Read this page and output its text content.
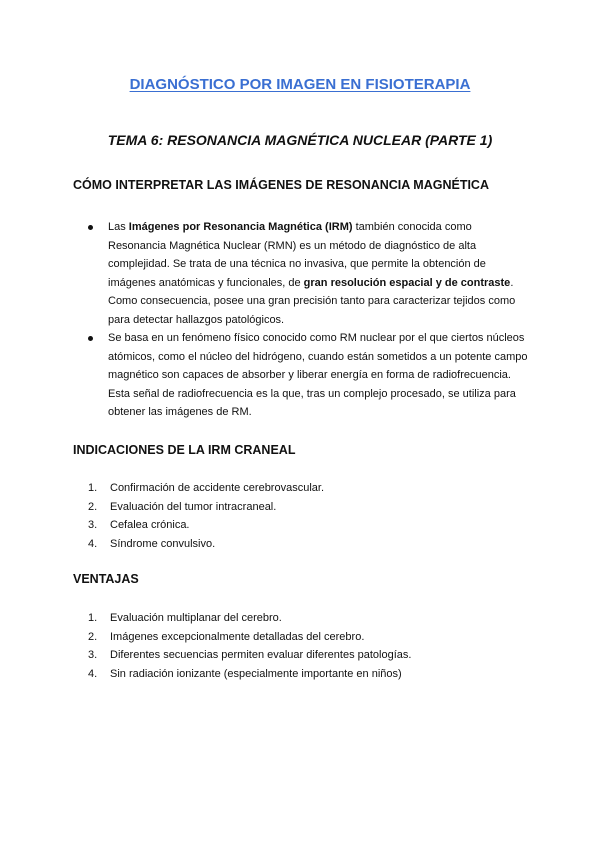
DIAGNÓSTICO POR IMAGEN EN FISIOTERAPIA
TEMA 6: RESONANCIA MAGNÉTICA NUCLEAR (PARTE 1)
CÓMO INTERPRETAR LAS IMÁGENES DE RESONANCIA MAGNÉTICA
Las Imágenes por Resonancia Magnética (IRM) también conocida como Resonancia Magnética Nuclear (RMN) es un método de diagnóstico de alta complejidad. Se trata de una técnica no invasiva, que permite la obtención de imágenes anatómicas y funcionales, de gran resolución espacial y de contraste. Como consecuencia, posee una gran precisión tanto para caracterizar tejidos como para detectar hallazgos patológicos.
Se basa en un fenómeno físico conocido como RM nuclear por el que ciertos núcleos atómicos, como el núcleo del hidrógeno, cuando están sometidos a un potente campo magnético son capaces de absorber y liberar energía en forma de radiofrecuencia. Esta señal de radiofrecuencia es la que, tras un complejo procesado, se utiliza para obtener las imágenes de RM.
INDICACIONES DE LA IRM CRANEAL
1. Confirmación de accidente cerebrovascular.
2. Evaluación del tumor intracraneal.
3. Cefalea crónica.
4. Síndrome convulsivo.
VENTAJAS
1. Evaluación multiplanar del cerebro.
2. Imágenes excepcionalmente detalladas del cerebro.
3. Diferentes secuencias permiten evaluar diferentes patologías.
4. Sin radiación ionizante (especialmente importante en niños)
